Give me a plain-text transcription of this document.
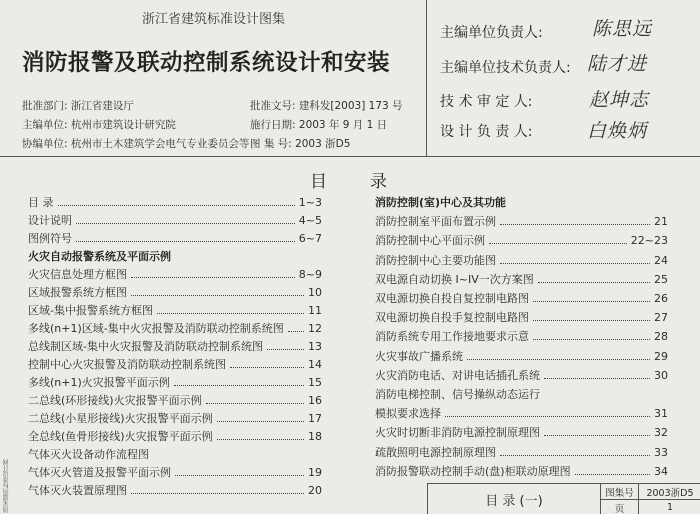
浙江省建筑标准设计图集
消防报警及联动控制系统设计和安装
批准部门: 浙江省建设厅	批准文号: 建科发[2003] 173 号
主编单位: 杭州市建筑设计研究院	施行日期: 2003 年 9 月 1 日
协编单位: 杭州市土木建筑学会电气专业委员会等 图 集 号: 2003 浙D5
主编单位负责人:	陈思远
主编单位技术负责人: 陆才进
技 术 审 定 人:	赵坤志
设 计 负 责 人:	白焕炳
目	录
目 录	1~3
设计说明	4~5
图例符号	6~7
火灾自动报警系统及平面示例
火灾信息处理方框图	8~9
区域报警系统方框图	10
区域-集中报警系统方框图	11
多线(n+1)区域-集中火灾报警及消防联动控制系统图 12
总线制区域-集中火灾报警及消防联动控制系统图	13
控制中心火灾报警及消防联动控制系统图	14
多线(n+1)火灾报警平面示例	15
二总线(环形接线)火灾报警平面示例	16
二总线(小星形接线)火灾报警平面示例	17
全总线(鱼骨形接线)火灾报警平面示例	18
气体灭火设备动作流程图
气体灭火管道及报警平面示例	19
气体灭火装置原理图	20
消防控制(室)中心及其功能
消防控制室平面布置示例	21
消防控制中心平面示例	22~23
消防控制中心主要功能图	24
双电源自动切换 I~IV一次方案图	25
双电源切换自投自复控制电路图	26
双电源切换自投手复控制电路图	27
消防系统专用工作接地要求示意	28
火灾事故广播系统	29
火灾消防电话、对讲电话插孔系统	30
消防电梯控制、信号操纵动态运行
模拟要求选择	31
火灾时切断非消防电源控制原理图	32
疏散照明电源控制原理图	33
消防报警联动控制手动(盘)柜联动原理图	34
目 录 (一)
图集号	2003浙D5
页	1
国家建筑标准设计网
